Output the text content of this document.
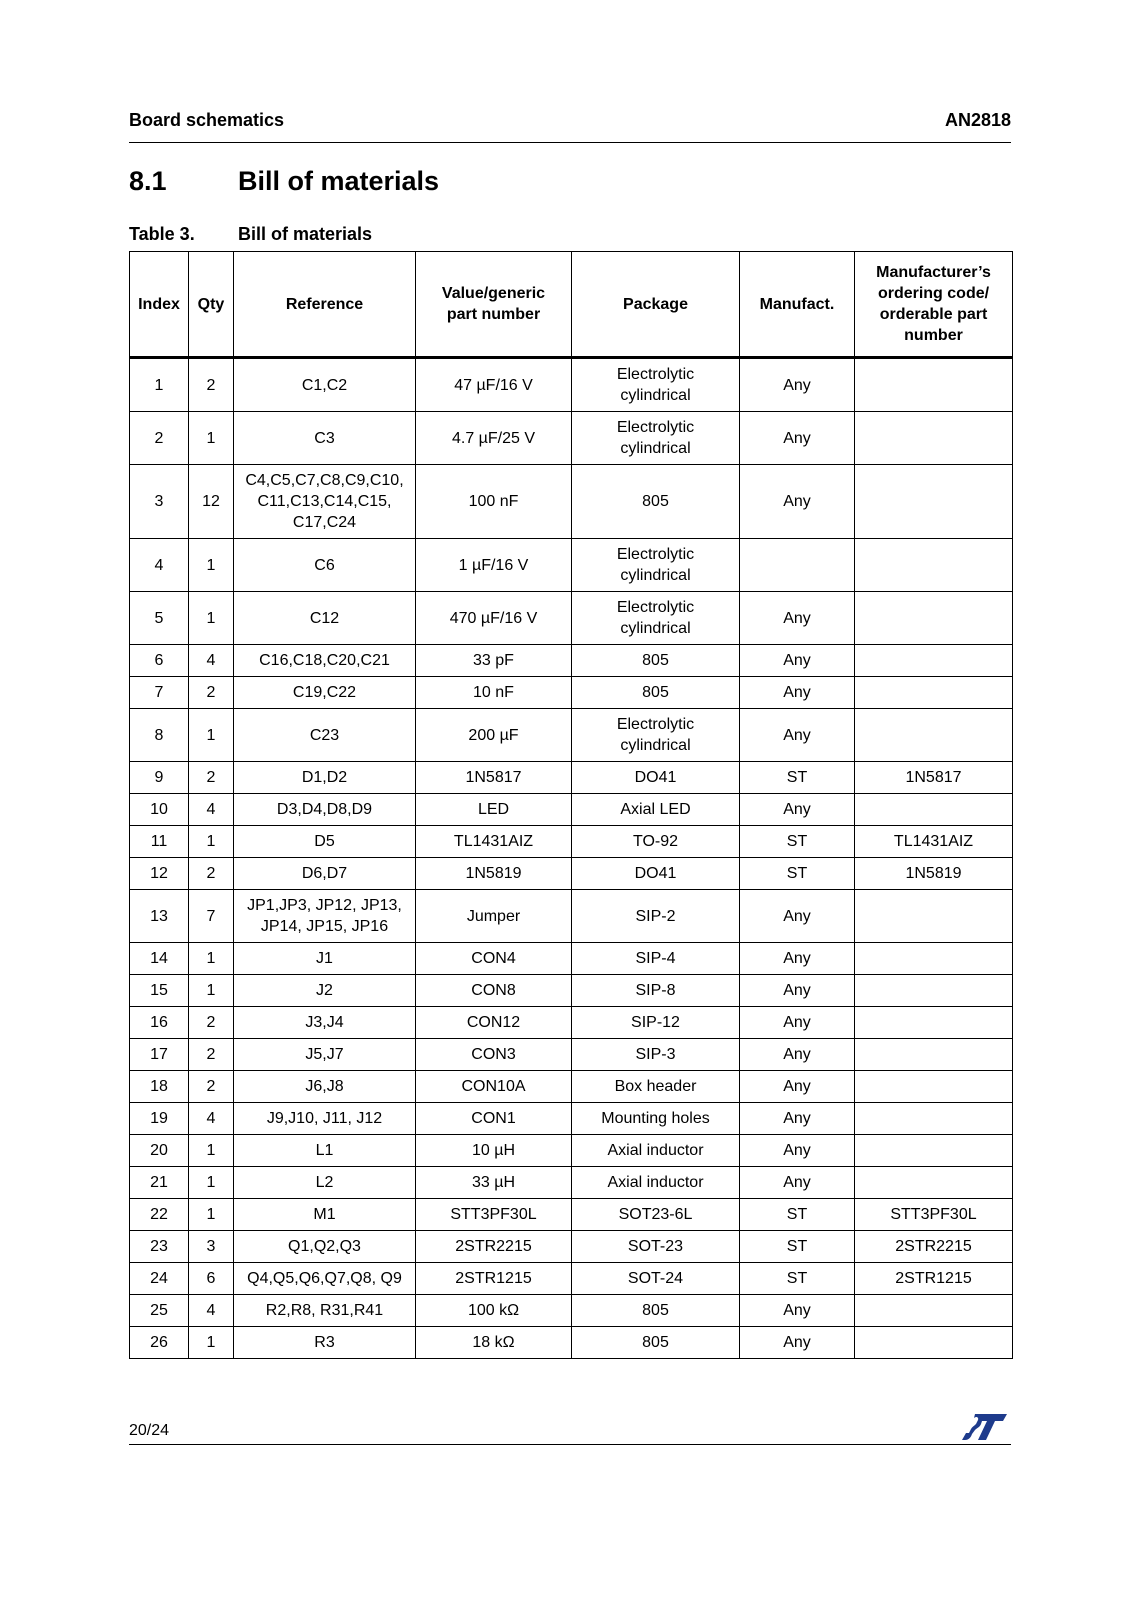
Board schematics	AN2818
8.1	Bill of materials
Table 3. Bill of materials
Index	Qty	Reference	Value/generic part number	Package	Manufact.	Manufacturer’s ordering code/ orderable part number
1	2	C1,C2	47 µF/16 V	Electrolytic cylindrical	Any	
2	1	C3	4.7 µF/25 V	Electrolytic cylindrical	Any	
3	12	C4,C5,C7,C8,C9,C10, C11,C13,C14,C15, C17,C24	100 nF	805	Any	
4	1	C6	1 µF/16 V	Electrolytic cylindrical		
5	1	C12	470 µF/16 V	Electrolytic cylindrical	Any	
6	4	C16,C18,C20,C21	33 pF	805	Any	
7	2	C19,C22	10 nF	805	Any	
8	1	C23	200 µF	Electrolytic cylindrical	Any	
9	2	D1,D2	1N5817	DO41	ST	1N5817
10	4	D3,D4,D8,D9	LED	Axial LED	Any	
11	1	D5	TL1431AIZ	TO-92	ST	TL1431AIZ
12	2	D6,D7	1N5819	DO41	ST	1N5819
13	7	JP1,JP3, JP12, JP13, JP14, JP15, JP16	Jumper	SIP-2	Any	
14	1	J1	CON4	SIP-4	Any	
15	1	J2	CON8	SIP-8	Any	
16	2	J3,J4	CON12	SIP-12	Any	
17	2	J5,J7	CON3	SIP-3	Any	
18	2	J6,J8	CON10A	Box header	Any	
19	4	J9,J10, J11, J12	CON1	Mounting holes	Any	
20	1	L1	10 µH	Axial inductor	Any	
21	1	L2	33 µH	Axial inductor	Any	
22	1	M1	STT3PF30L	SOT23-6L	ST	STT3PF30L
23	3	Q1,Q2,Q3	2STR2215	SOT-23	ST	2STR2215
24	6	Q4,Q5,Q6,Q7,Q8, Q9	2STR1215	SOT-24	ST	2STR1215
25	4	R2,R8, R31,R41	100 kΩ	805	Any	
26	1	R3	18 kΩ	805	Any	
20/24
